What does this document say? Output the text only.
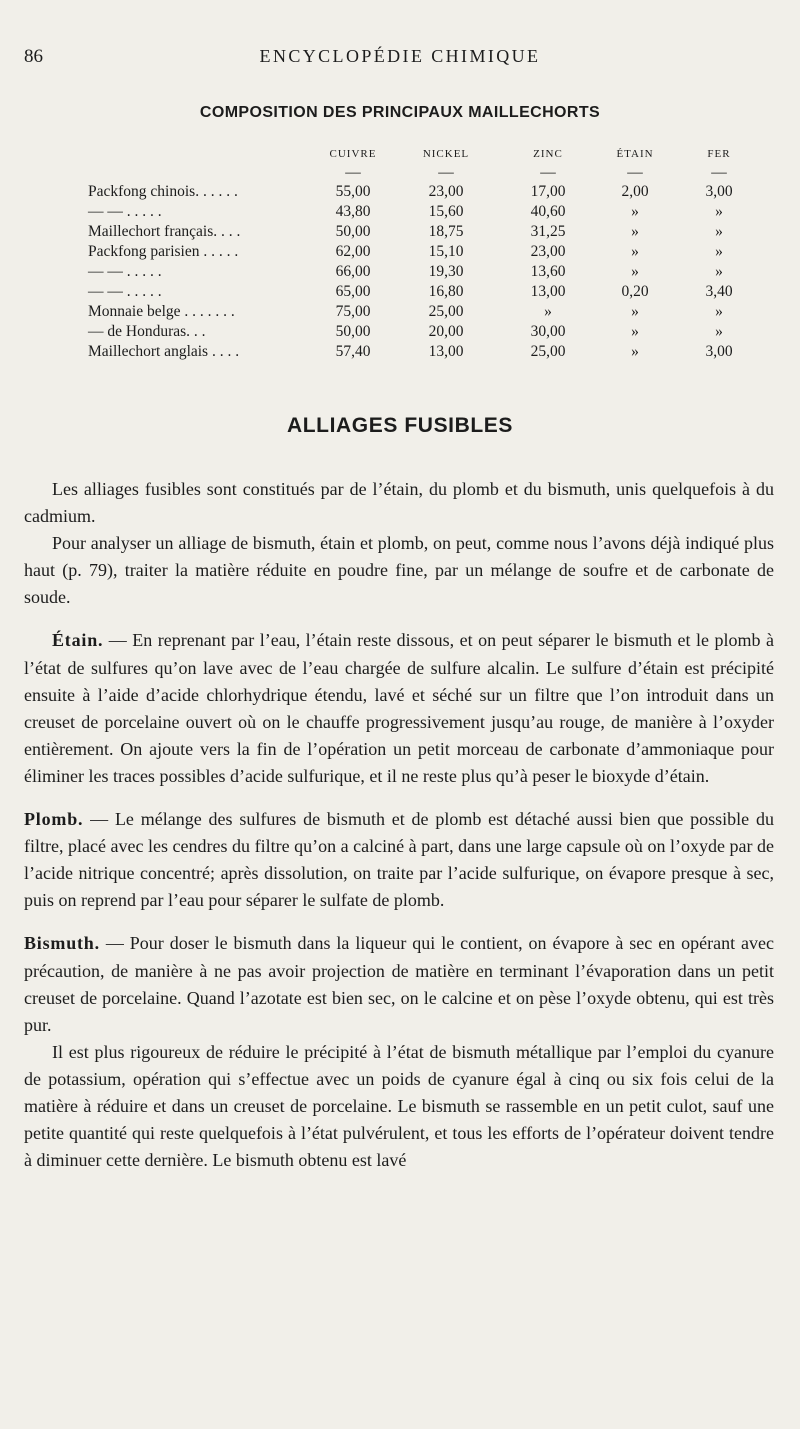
86	ENCYCLOPÉDIE CHIMIQUE
COMPOSITION DES PRINCIPAUX MAILLECHORTS
	CUIVRE	NICKEL	ZINC	ÉTAIN	FER
	—	—	—	—	—
Packfong chinois. . . . . .	55,00	23,00	17,00	2,00	3,00
— — . . . . .	43,80	15,60	40,60	»	»
Maillechort français. . . .	50,00	18,75	31,25	»	»
Packfong parisien . . . . .	62,00	15,10	23,00	»	»
— — . . . . .	66,00	19,30	13,60	»	»
— — . . . . .	65,00	16,80	13,00	0,20	3,40
Monnaie belge . . . . . . .	75,00	25,00	»	»	»
— de Honduras. . .	50,00	20,00	30,00	»	»
Maillechort anglais . . . .	57,40	13,00	25,00	»	3,00
ALLIAGES FUSIBLES

Les alliages fusibles sont constitués par de l’étain, du plomb et du bismuth, unis quelquefois à du cadmium.

Pour analyser un alliage de bismuth, étain et plomb, on peut, comme nous l’avons déjà indiqué plus haut (p. 79), traiter la matière réduite en poudre fine, par un mélange de soufre et de carbonate de soude.

Étain. — En reprenant par l’eau, l’étain reste dissous, et on peut séparer le bismuth et le plomb à l’état de sulfures qu’on lave avec de l’eau chargée de sulfure alcalin. Le sulfure d’étain est précipité ensuite à l’aide d’acide chlorhydrique étendu, lavé et séché sur un filtre que l’on introduit dans un creuset de porcelaine ouvert où on le chauffe progressivement jusqu’au rouge, de manière à l’oxyder entièrement. On ajoute vers la fin de l’opération un petit morceau de carbonate d’ammoniaque pour éliminer les traces possibles d’acide sulfurique, et il ne reste plus qu’à peser le bioxyde d’étain.

Plomb. — Le mélange des sulfures de bismuth et de plomb est détaché aussi bien que possible du filtre, placé avec les cendres du filtre qu’on a calciné à part, dans une large capsule où on l’oxyde par de l’acide nitrique concentré; après dissolution, on traite par l’acide sulfurique, on évapore presque à sec, puis on reprend par l’eau pour séparer le sulfate de plomb.

Bismuth. — Pour doser le bismuth dans la liqueur qui le contient, on évapore à sec en opérant avec précaution, de manière à ne pas avoir projection de matière en terminant l’évaporation dans un petit creuset de porcelaine. Quand l’azotate est bien sec, on le calcine et on pèse l’oxyde obtenu, qui est très pur.

Il est plus rigoureux de réduire le précipité à l’état de bismuth métallique par l’emploi du cyanure de potassium, opération qui s’effectue avec un poids de cyanure égal à cinq ou six fois celui de la matière à réduire et dans un creuset de porcelaine. Le bismuth se rassemble en un petit culot, sauf une petite quantité qui reste quelquefois à l’état pulvérulent, et tous les efforts de l’opérateur doivent tendre à diminuer cette dernière. Le bismuth obtenu est lavé
